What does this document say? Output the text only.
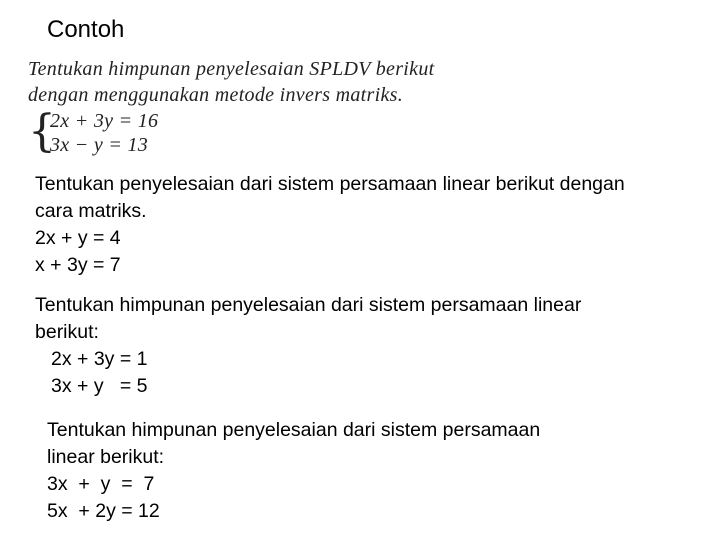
Contoh
Tentukan himpunan penyelesaian SPLDV berikut
dengan menggunakan metode invers matriks.
{
2x + 3y = 16
3x − y = 13
Tentukan penyelesaian dari sistem persamaan linear berikut dengan
cara matriks.
2x + y = 4
x + 3y = 7
Tentukan himpunan penyelesaian dari sistem persamaan linear
berikut:
2x + 3y = 1
3x + y   = 5
Tentukan himpunan penyelesaian dari sistem persamaan
linear berikut:
3x  +  y  =  7
5x  + 2y = 12
